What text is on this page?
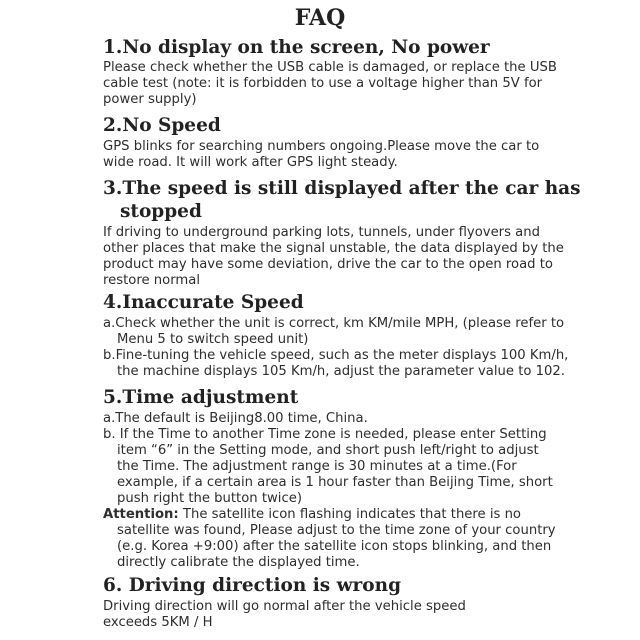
FAQ
1.No display on the screen, No power
Please check whether the USB cable is damaged, or replace the USB
cable test (note: it is forbidden to use a voltage higher than 5V for
power supply)
2.No Speed
GPS blinks for searching numbers ongoing.Please move the car to
wide road. It will work after GPS light steady.
3.The speed is still displayed after the car has
stopped
If driving to underground parking lots, tunnels, under flyovers and
other places that make the signal unstable, the data displayed by the
product may have some deviation, drive the car to the open road to
restore normal
4.Inaccurate Speed
a.Check whether the unit is correct, km KM/mile MPH, (please refer to
Menu 5 to switch speed unit)
b.Fine-tuning the vehicle speed, such as the meter displays 100 Km/h,
the machine displays 105 Km/h, adjust the parameter value to 102.
5.Time adjustment
a.The default is Beijing8.00 time, China.
b. If the Time to another Time zone is needed, please enter Setting
item “6” in the Setting mode, and short push left/right to adjust
the Time. The adjustment range is 30 minutes at a time.(For
example, if a certain area is 1 hour faster than Beijing Time, short
push right the button twice)
Attention: The satellite icon flashing indicates that there is no
satellite was found, Please adjust to the time zone of your country
(e.g. Korea +9:00) after the satellite icon stops blinking, and then
directly calibrate the displayed time.
6. Driving direction is wrong
Driving direction will go normal after the vehicle speed
exceeds 5KM / H
